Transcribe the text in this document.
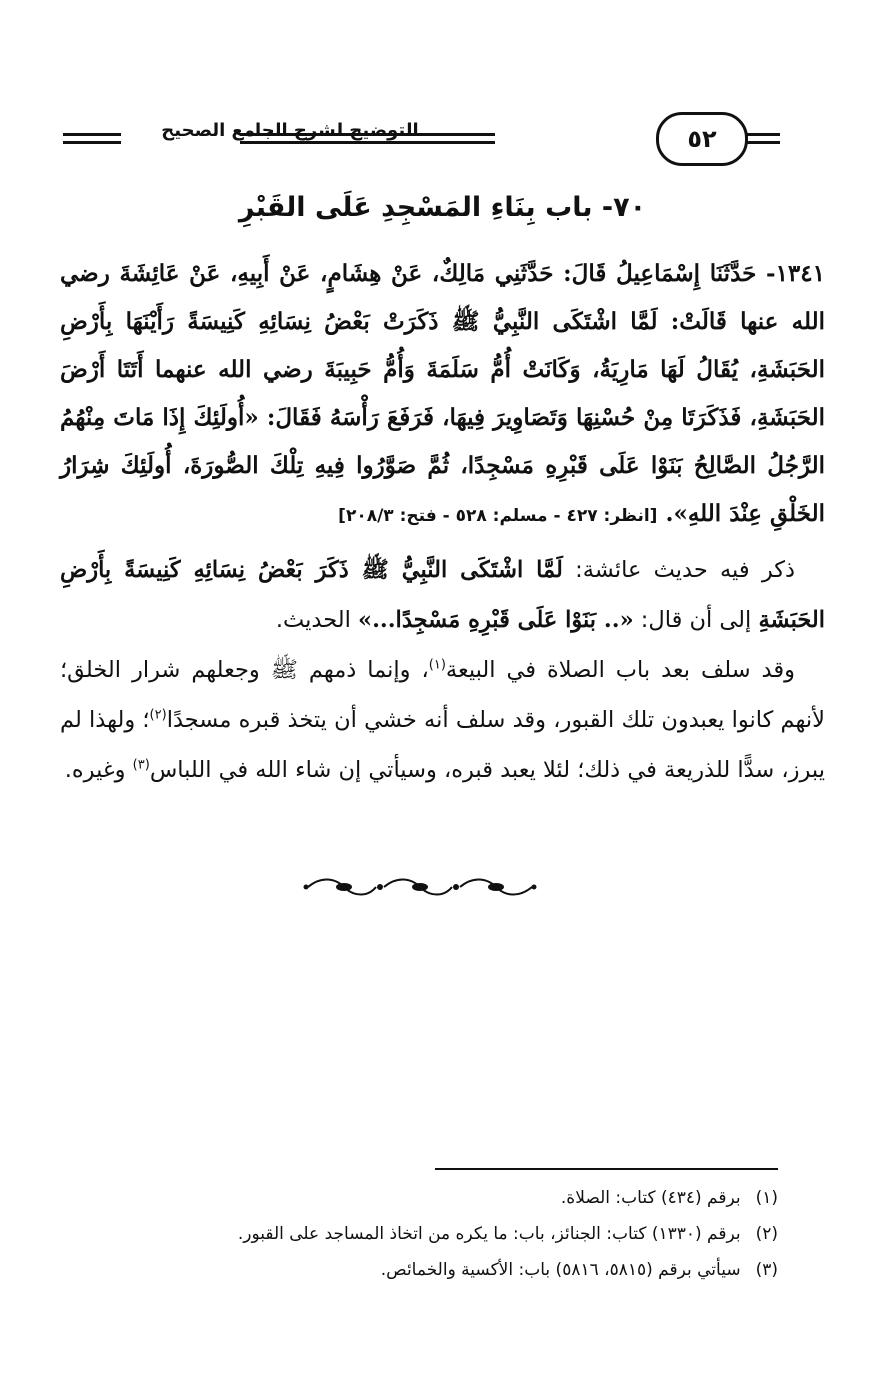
٥٢
التوضيح لشرح الجامع الصحيح
٧٠- باب بِنَاءِ المَسْجِدِ عَلَى القَبْرِ
١٣٤١- حَدَّثَنَا إِسْمَاعِيلُ قَالَ: حَدَّثَنِي مَالِكٌ، عَنْ هِشَامٍ، عَنْ أَبِيهِ، عَنْ عَائِشَةَ رضي الله عنها قَالَتْ: لَمَّا اشْتَكَى النَّبِيُّ ﷺ ذَكَرَتْ بَعْضُ نِسَائِهِ كَنِيسَةً رَأَيْنَهَا بِأَرْضِ الحَبَشَةِ، يُقَالُ لَهَا مَارِيَةُ، وَكَانَتْ أُمُّ سَلَمَةَ وَأُمُّ حَبِيبَةَ رضي الله عنهما أَتَتَا أَرْضَ الحَبَشَةِ، فَذَكَرَتَا مِنْ حُسْنِهَا وَتَصَاوِيرَ فِيهَا، فَرَفَعَ رَأْسَهُ فَقَالَ: «أُولَئِكَ إِذَا مَاتَ مِنْهُمُ الرَّجُلُ الصَّالِحُ بَنَوْا عَلَى قَبْرِهِ مَسْجِدًا، ثُمَّ صَوَّرُوا فِيهِ تِلْكَ الصُّورَةَ، أُولَئِكَ شِرَارُ الخَلْقِ عِنْدَ اللهِ». [انظر: ٤٢٧ - مسلم: ٥٢٨ - فتح: ٢٠٨/٣]

ذكر فيه حديث عائشة: لَمَّا اشْتَكَى النَّبِيُّ ﷺ ذَكَرَ بَعْضُ نِسَائِهِ كَنِيسَةً بِأَرْضِ الحَبَشَةِ إلى أن قال: «.. بَنَوْا عَلَى قَبْرِهِ مَسْجِدًا...» الحديث.

وقد سلف بعد باب الصلاة في البيعة$^{(١)}$، وإنما ذمهم ﷺ وجعلهم شرار الخلق؛ لأنهم كانوا يعبدون تلك القبور، وقد سلف أنه خشي أن يتخذ قبره مسجدًا$^{(٢)}$؛ ولهذا لم يبرز، سدًّا للذريعة في ذلك؛ لئلا يعبد قبره، وسيأتي إن شاء الله في اللباس$^{(٣)}$ وغيره.

(١) برقم (٤٣٤) كتاب: الصلاة.
(٢) برقم (١٣٣٠) كتاب: الجنائز، باب: ما يكره من اتخاذ المساجد على القبور.
(٣) سيأتي برقم (٥٨١٥، ٥٨١٦) باب: الأكسية والخمائص.
